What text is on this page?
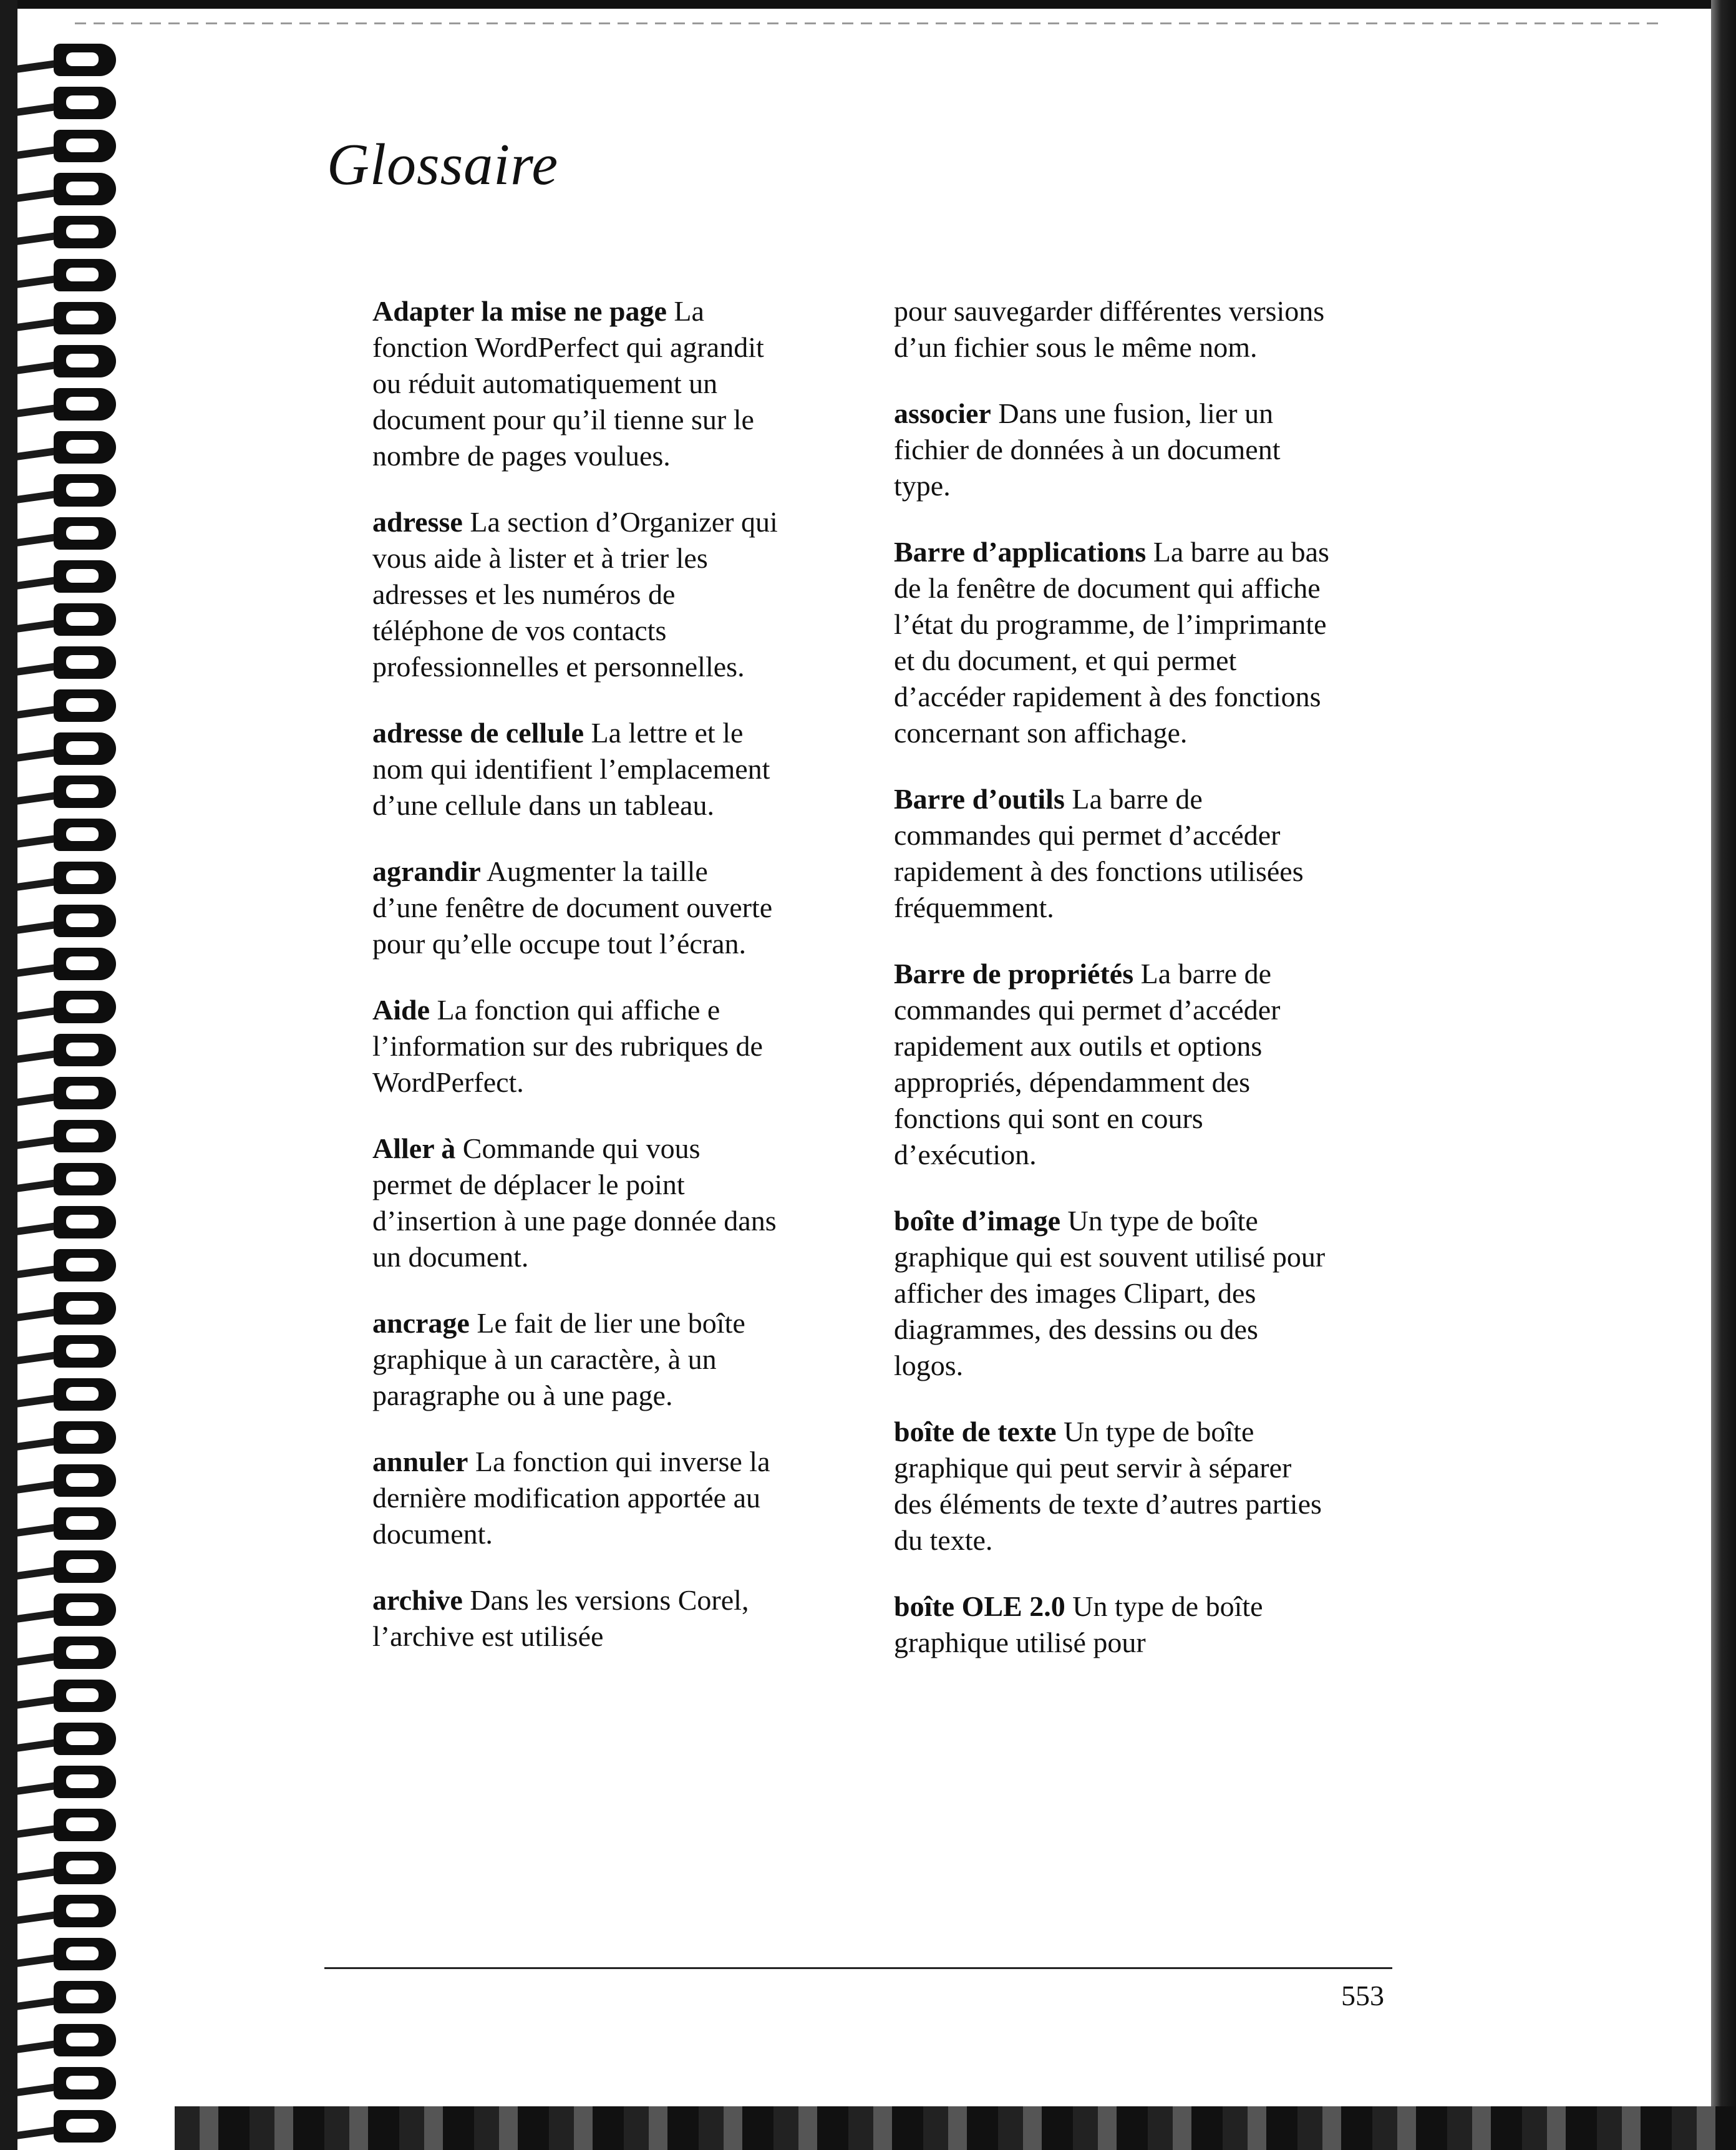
Glossaire

Adapter la mise ne page La fonction WordPerfect qui agrandit ou réduit automatiquement un document pour qu’il tienne sur le nombre de pages voulues.

adresse La section d’Organizer qui vous aide à lister et à trier les adresses et les numéros de téléphone de vos contacts professionnelles et personnelles.

adresse de cellule La lettre et le nom qui identifient l’emplacement d’une cellule dans un tableau.

agrandir Augmenter la taille d’une fenêtre de document ouverte pour qu’elle occupe tout l’écran.

Aide La fonction qui affiche e l’information sur des rubriques de WordPerfect.

Aller à Commande qui vous permet de déplacer le point d’insertion à une page donnée dans un document.

ancrage Le fait de lier une boîte graphique à un caractère, à un paragraphe ou à une page.

annuler La fonction qui inverse la dernière modification apportée au document.

archive Dans les versions Corel, l’archive est utilisée

pour sauvegarder différentes versions d’un fichier sous le même nom.

associer Dans une fusion, lier un fichier de données à un document type.

Barre d’applications La barre au bas de la fenêtre de document qui affiche l’état du programme, de l’imprimante et du document, et qui permet d’accéder rapidement à des fonctions concernant son affichage.

Barre d’outils La barre de commandes qui permet d’accéder rapidement à des fonctions utilisées fréquemment.

Barre de propriétés La barre de commandes qui permet d’accéder rapidement aux outils et options appropriés, dépendamment des fonctions qui sont en cours d’exécution.

boîte d’image Un type de boîte graphique qui est souvent utilisé pour afficher des images Clipart, des diagrammes, des dessins ou des logos.

boîte de texte Un type de boîte graphique qui peut servir à séparer des éléments de texte d’autres parties du texte.

boîte OLE 2.0 Un type de boîte graphique utilisé pour

553
